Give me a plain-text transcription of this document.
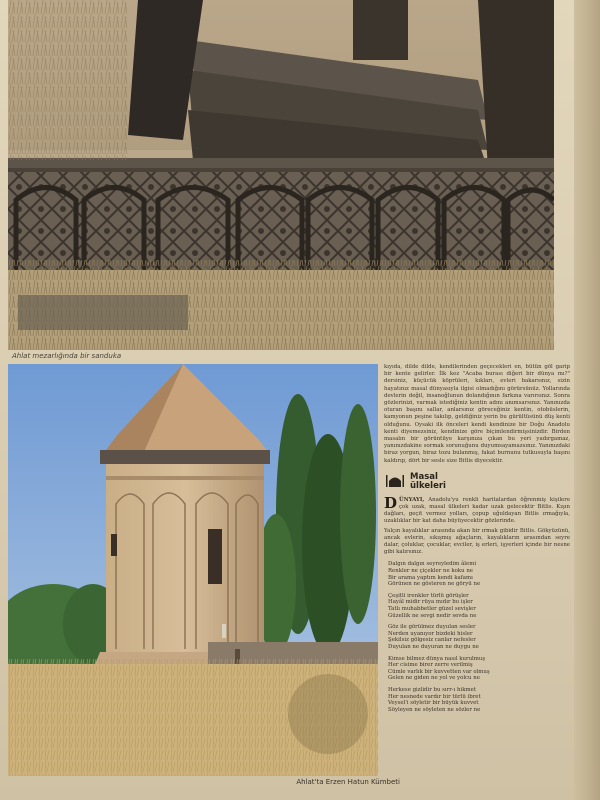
Ahlat mezarlığında bir sanduka
Ahlat'ta Erzen Hatun Kümbeti

kıyıda, dilde dilde, kendilerinden geçecekleri en, bütün göl garip bir kente gelirler. İlk kez "Acaba burası diğeri bir dünya mı?" dersiniz, küçücük köprüleri, kıkları, evleri bakarsınız, sizin hayatınız masal dünyasıyla ilgisi olmadığını görürsünüz. Yollarında devlerin değil, insanoğlunun dolandığının farkına varırsınız. Sonra gözlerinizi, varmak istediğiniz kentin adını anımsarsınız. Yanınızda oturan başını sallar, anlarsınız göreceğiniz kentin, otobüslerin, kamyonun peşine takılıp, geldiğiniz yerin bu gürültüsünü düş kenti olduğunu. Oysaki ilk önceleri kendi kendinize bir Doğu Anadolu kenti diyemezsiniz, kendinize göre biçimlendirmişsinizdir. Birden masalın bir görüntüye karşınıza çıkan bu yeri yadırgamaz, yanınızdakine sormak sorunuğunu duyumsayamazsınız. Yanınızdaki biraz yorgun, biraz tozu bulanmış, fakat burnunu tutkusuyla başını kaldırıp, dört bir sesle size Bitlis diyecektir.

Masal
ülkeleri

DÜNYAYI, Anadolu'yu renkli haritalardan öğrenmiş kişilere çok uzak, masal ülkeleri kadar uzak gelecektir Bitlis. Kışın dağları, geçit vermez yolları, çopup uğuldayan Bitlis ırmağıyla, uzaklıklar bir kat daha büyüyecektir gözlerinde.

Yalçın kayalıklar arasında akan bir ırmak gibidir Bitlis. Gökyüzünü, ancak evlerin, sıkışmış ağaçların, kayalıkların arasından seyre dalar, çoluklar, çocuklar, evciler, iş erleri, işyerleri içinde bir nesne gibi kalırsınız.

Dalgın dalgın seyreyledim âlemi
Renkler ne çiçekler ne koku ne
Bir arama yaptım kendi kafamı
Görünen ne gösteren ne göryü ne
Çeşitli irenkler türlü görüşler
Hayâl midir rüya mıdır bu işler
Tatlı muhabbetler güzel sevişler
Güzellik ne sevgi nedir sevda ne
Göz ile görülmez duyulan sesler
Nerden uyanıyor bizdeki hisler
Şekilsiz gölgesiz canlar nefesler
Duyulan ne duyuran ne duygu ne
Kimse bilmez dünya nasıl kurulmuş
Her cisime birer zerre verilmiş
Cümle varlık bir kuvvetten var olmuş
Gelen ne giden ne yol ve yolcu ne
Herkese gizlidir bu sırr-ı hikmet
Her nesnede vardır bir türlü ibret
Veysel'i söyletir bir büyük kuvvet
Söyleyen ne söyleten ne sözler ne
